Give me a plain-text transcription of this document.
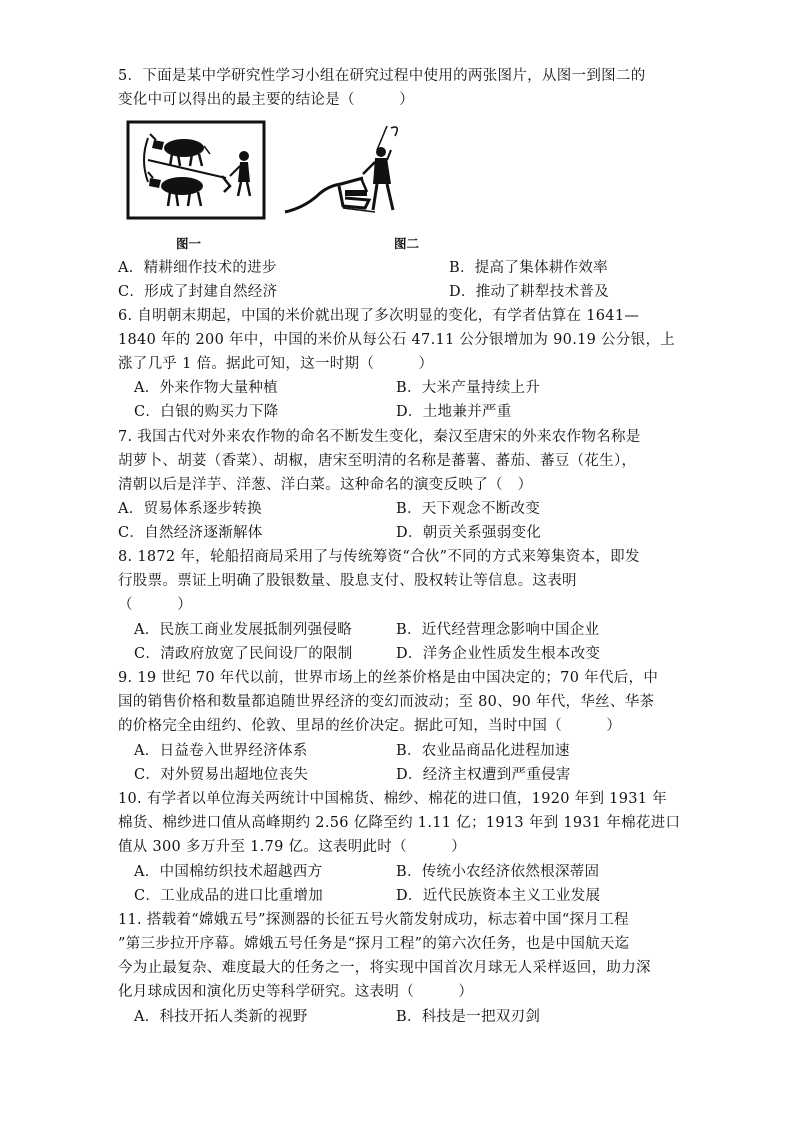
5．下面是某中学研究性学习小组在研究过程中使用的两张图片，从图一到图二的
变化中可以得出的最主要的结论是（　　　）
图一	图二
A．精耕细作技术的进步	B．提高了集体耕作效率
C．形成了封建自然经济	D．推动了耕犁技术普及
6. 自明朝末期起，中国的米价就出现了多次明显的变化，有学者估算在 1641—
1840 年的 200 年中，中国的米价从每公石 47.11 公分银增加为 90.19 公分银，上
涨了几乎 1 倍。据此可知，这一时期（　　　）
A．外来作物大量种植	B．大米产量持续上升
C．白银的购买力下降	D．土地兼并严重
7. 我国古代对外来农作物的命名不断发生变化，秦汉至唐宋的外来农作物名称是
胡萝卜、胡荽（香菜）、胡椒，唐宋至明清的名称是蕃薯、蕃茄、蕃豆（花生），
清朝以后是洋芋、洋葱、洋白菜。这种命名的演变反映了（　）
A．贸易体系逐步转换	B．天下观念不断改变
C．自然经济逐渐解体	D．朝贡关系强弱变化
8. 1872 年，轮船招商局采用了与传统筹资“合伙”不同的方式来筹集资本，即发
行股票。票证上明确了股银数量、股息支付、股权转让等信息。这表明
（　　　）
A．民族工商业发展抵制列强侵略	B．近代经营理念影响中国企业
C．清政府放宽了民间设厂的限制	D．洋务企业性质发生根本改变
9. 19 世纪 70 年代以前，世界市场上的丝茶价格是由中国决定的；70 年代后，中
国的销售价格和数量都追随世界经济的变幻而波动；至 80、90 年代，华丝、华茶
的价格完全由纽约、伦敦、里昂的丝价决定。据此可知，当时中国（　　　）
A．日益卷入世界经济体系	B．农业品商品化进程加速
C．对外贸易出超地位丧失	D．经济主权遭到严重侵害
10. 有学者以单位海关两统计中国棉货、棉纱、棉花的进口值，1920 年到 1931 年
棉货、棉纱进口值从高峰期约 2.56 亿降至约 1.11 亿；1913 年到 1931 年棉花进口
值从 300 多万升至 1.79 亿。这表明此时（　　　）
A．中国棉纺织技术超越西方	B．传统小农经济依然根深蒂固
C．工业成品的进口比重增加	D．近代民族资本主义工业发展
11. 搭载着“嫦娥五号”探测器的长征五号火箭发射成功，标志着中国“探月工程
”第三步拉开序幕。嫦娥五号任务是“探月工程”的第六次任务，也是中国航天迄
今为止最复杂、难度最大的任务之一，将实现中国首次月球无人采样返回，助力深
化月球成因和演化历史等科学研究。这表明（　　　）
A．科技开拓人类新的视野	B．科技是一把双刃剑
